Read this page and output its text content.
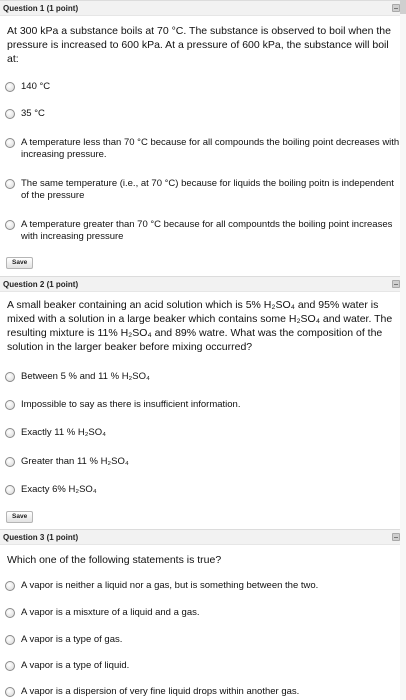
Question 1 (1 point)
At 300 kPa a substance boils at 70 °C. The substance is observed to boil when the pressure is increased to 600 kPa. At a pressure of 600 kPa, the substance will boil at:
140 °C
35 °C
A temperature less than 70 °C because for all compounds the boiling point decreases with increasing pressure.
The same temperature (i.e., at 70 °C) because for liquids the boiling poitn is independent of the pressure
A temperature greater than 70 °C because for all compountds the boiling point increases with increasing pressure
Save
Question 2 (1 point)
A small beaker containing an acid solution which is 5% H₂SO₄ and 95% water is mixed with a solution in a large beaker which contains some H₂SO₄ and water. The resulting mixture is 11% H₂SO₄ and 89% watre. What was the composition of the solution in the larger beaker before mixing occurred?
Between 5 % and 11 % H₂SO₄
Impossible to say as there is insufficient information.
Exactly 11 % H₂SO₄
Greater than 11 % H₂SO₄
Exacty 6% H₂SO₄
Save
Question 3 (1 point)
Which one of the following statements is true?
A vapor is neither a liquid nor a gas, but is something between the two.
A vapor is a misxture of a liquid and a gas.
A vapor is a type of gas.
A vapor is a type of liquid.
A vapor is a dispersion of very fine liquid drops within another gas.
